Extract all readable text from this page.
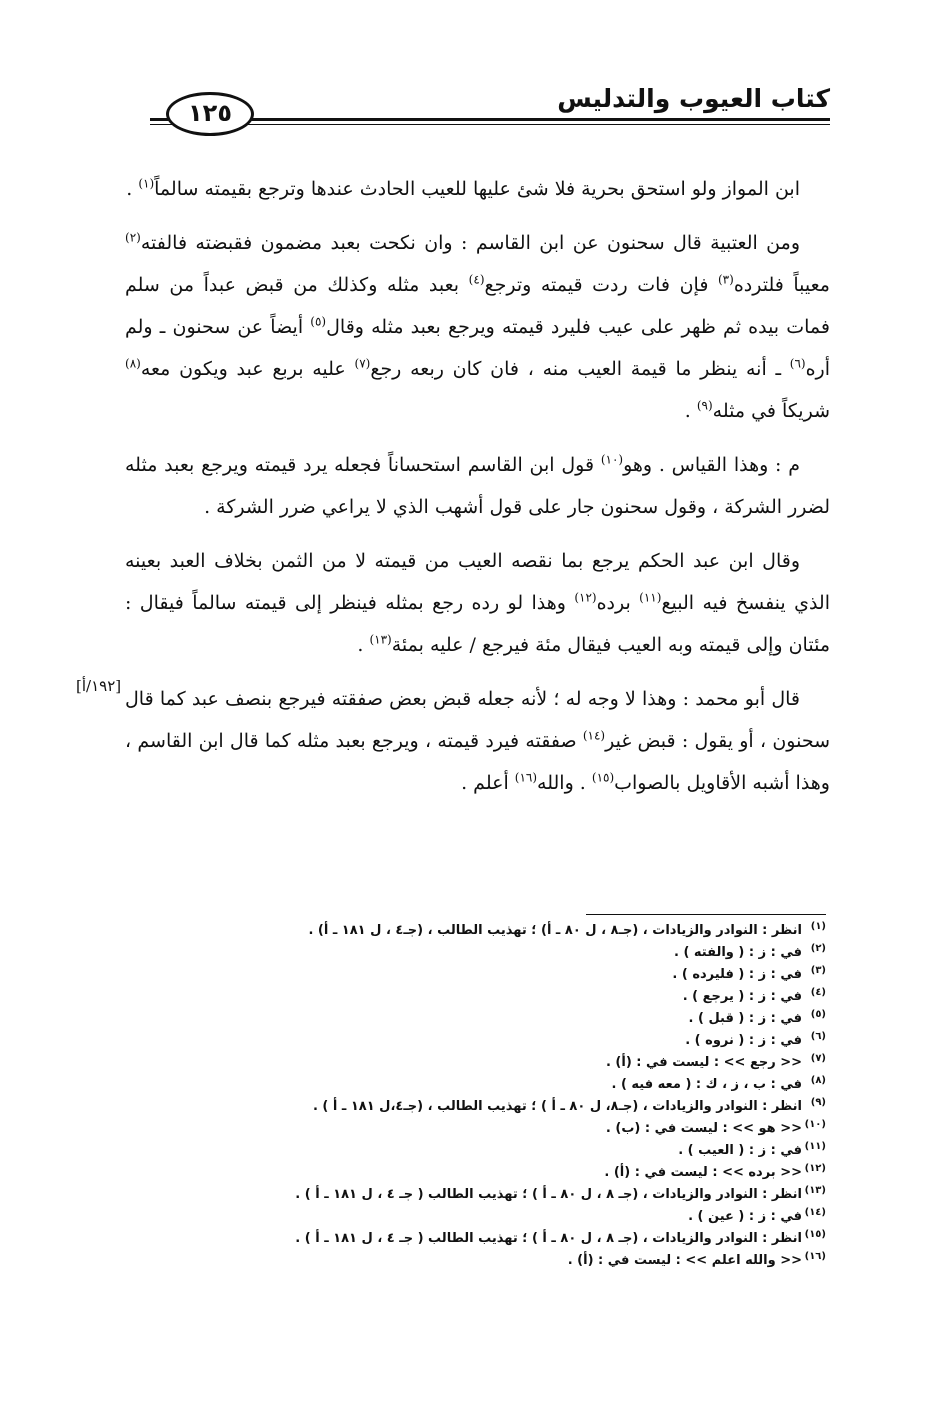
كتاب العيوب والتدليس
١٢٥

ابن المواز ولو استحق بحرية فلا شئ عليها للعيب الحادث عندها وترجع بقيمته سالماً$^{(١)}$ .

ومن العتبية قال سحنون عن ابن القاسم : وان نكحت بعبد مضمون فقبضته فالفته$^{(٢)}$ معيباً فلترده$^{(٣)}$ فإن فات ردت قيمته وترجع$^{(٤)}$ بعبد مثله وكذلك من قبض عبداً من سلم فمات بيده ثم ظهر على عيب فليرد قيمته ويرجع بعبد مثله وقال$^{(٥)}$ أيضاً عن سحنون ـ ولم أره$^{(٦)}$ ـ أنه ينظر ما قيمة العيب منه ، فان كان ربعه رجع$^{(٧)}$ عليه بربع عبد ويكون معه$^{(٨)}$ شريكاً في مثله$^{(٩)}$ .

م : وهذا القياس . وهو$^{(١٠)}$ قول ابن القاسم استحساناً فجعله يرد قيمته ويرجع بعبد مثله لضرر الشركة ، وقول سحنون جار على قول أشهب الذي لا يراعي ضرر الشركة .

وقال ابن عبد الحكم يرجع بما نقصه العيب من قيمته لا من الثمن بخلاف العبد بعينه الذي ينفسخ فيه البيع$^{(١١)}$ برده$^{(١٢)}$ وهذا لو رده رجع بمثله فينظر إلى قيمته سالماً فيقال : مئتان وإلى قيمته وبه العيب فيقال مئة فيرجع / عليه بمئة$^{(١٣)}$ .

قال أبو محمد : وهذا لا وجه له ؛ لأنه جعله قبض بعض صفقته فيرجع بنصف عبد كما قال سحنون ، أو يقول : قبض غير$^{(١٤)}$ صفقته فيرد قيمته ، ويرجع بعبد مثله كما قال ابن القاسم ، وهذا أشبه الأقاويل بالصواب$^{(١٥)}$ . والله$^{(١٦)}$ أعلم .

[١٩٢/أ]
(١)
انظر : النوادر والزيادات ، (جـ٨ ، ل ٨٠ ـ أ) ؛ تهذيب الطالب ، (جـ٤ ، ل ١٨١ ـ أ) .
(٢)
في : ز : ( والفته ) .
(٣)
في : ز : ( فليرده ) .
(٤)
في : ز : ( يرجع ) .
(٥)
في : ز : ( قبل ) .
(٦)
في : ز : ( نروه ) .
(٧)
<< رجع >> : ليست في : (أ) .
(٨)
في : ب ، ز ، ك : ( معه فيه ) .
(٩)
انظر : النوادر والزيادات ، (جـ٨، ل ٨٠ ـ أ ) ؛ تهذيب الطالب ، (جـ٤،ل ١٨١ ـ أ ) .
(١٠)
<< هو >> : ليست في : (ب) .
(١١)
في : ز : ( العيب ) .
(١٢)
<< برده >> : ليست في : (أ) .
(١٣)
انظر : النوادر والزيادات ، (جـ ٨ ، ل ٨٠ ـ أ ) ؛ تهذيب الطالب ( جـ ٤ ، ل ١٨١ ـ أ ) .
(١٤)
في : ز : ( عين ) .
(١٥)
انظر : النوادر والزيادات ، (جـ ٨ ، ل ٨٠ ـ أ ) ؛ تهذيب الطالب ( جـ ٤ ، ل ١٨١ ـ أ ) .
(١٦)
<< والله اعلم >> : ليست في : (أ) .
